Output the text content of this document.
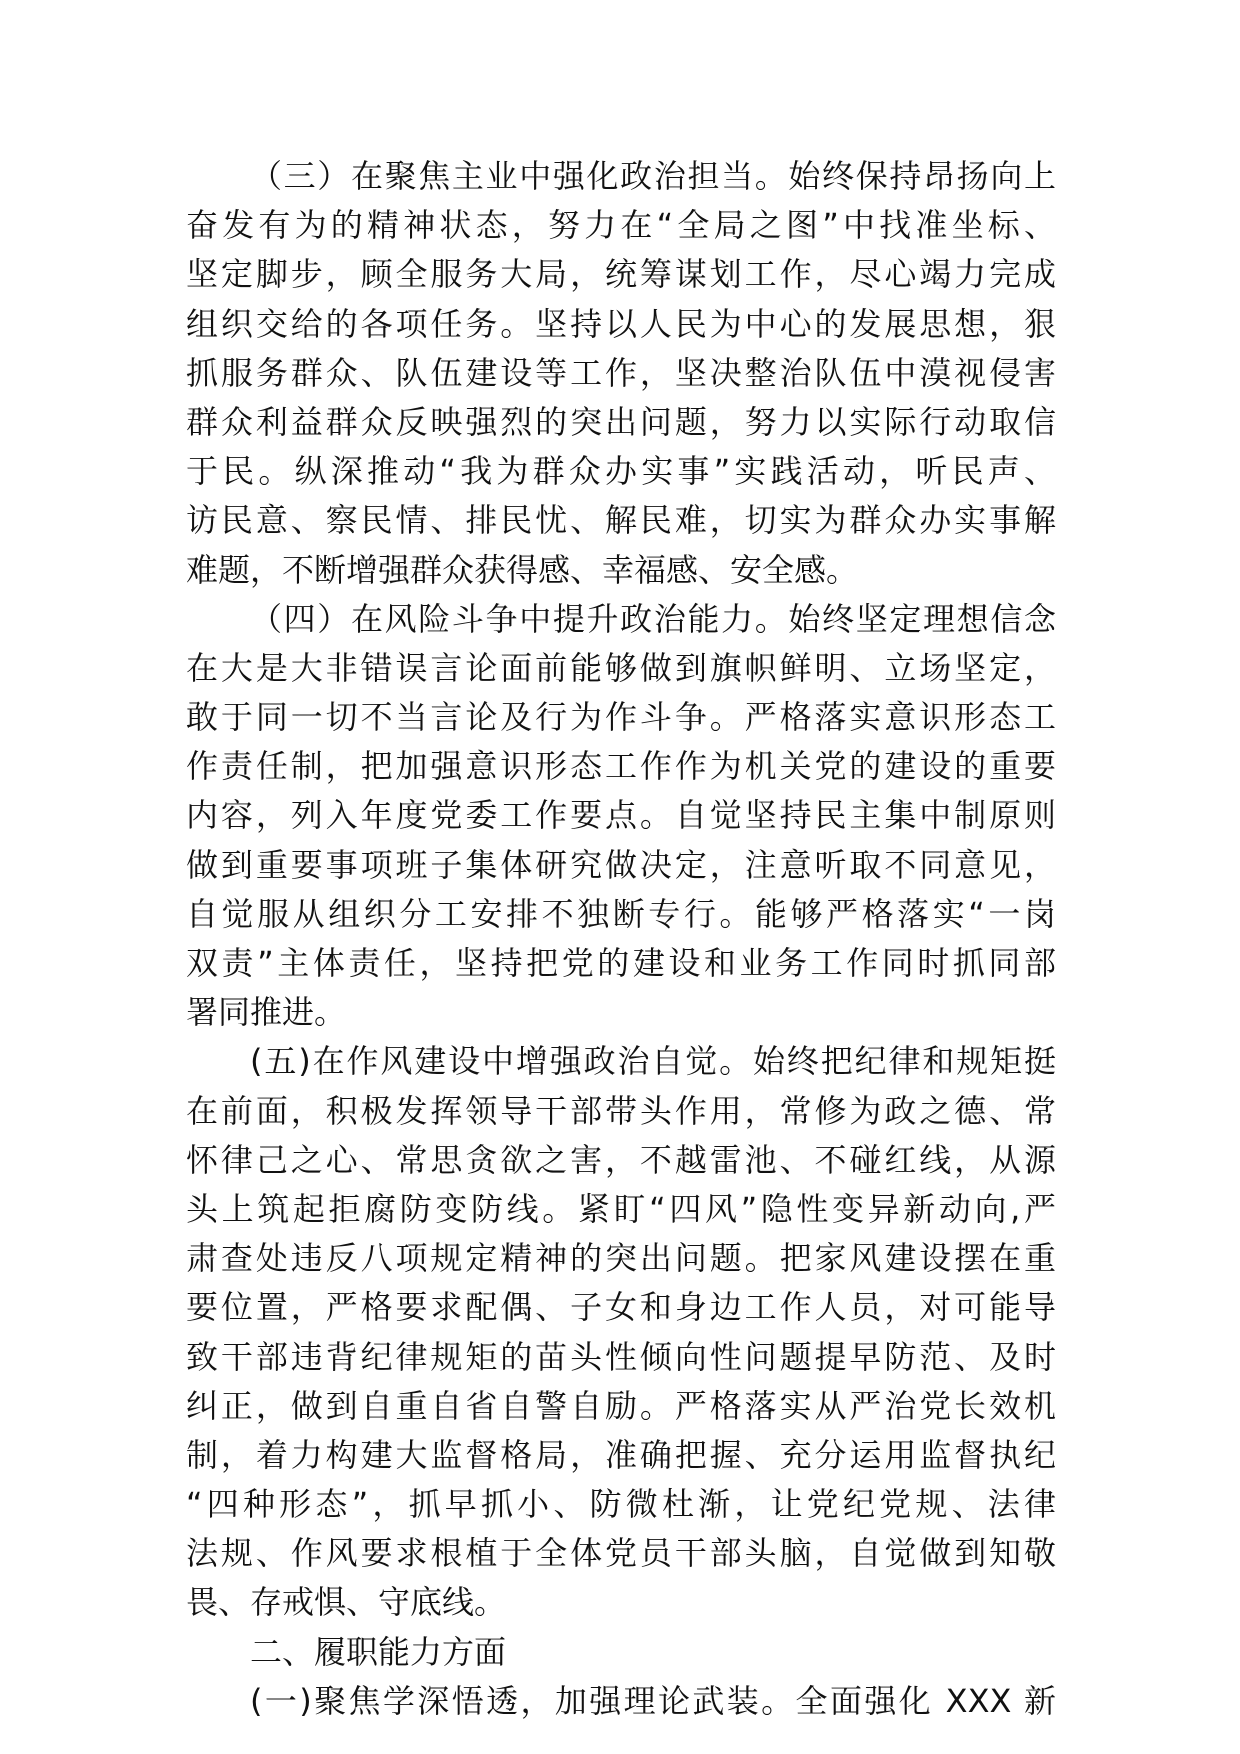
（三）在聚焦主业中强化政治担当。始终保持昂扬向上
奋发有为的精神状态，努力在“全局之图”中找准坐标、
坚定脚步，顾全服务大局，统筹谋划工作，尽心竭力完成
组织交给的各项任务。坚持以人民为中心的发展思想，狠
抓服务群众、队伍建设等工作，坚决整治队伍中漠视侵害
群众利益群众反映强烈的突出问题，努力以实际行动取信
于民。纵深推动“我为群众办实事”实践活动，听民声、
访民意、察民情、排民忧、解民难，切实为群众办实事解
难题，不断增强群众获得感、幸福感、安全感。
（四）在风险斗争中提升政治能力。始终坚定理想信念
在大是大非错误言论面前能够做到旗帜鲜明、立场坚定，
敢于同一切不当言论及行为作斗争。严格落实意识形态工
作责任制，把加强意识形态工作作为机关党的建设的重要
内容，列入年度党委工作要点。自觉坚持民主集中制原则
做到重要事项班子集体研究做决定，注意听取不同意见，
自觉服从组织分工安排不独断专行。能够严格落实“一岗
双责”主体责任，坚持把党的建设和业务工作同时抓同部
署同推进。
(五)在作风建设中增强政治自觉。始终把纪律和规矩挺
在前面，积极发挥领导干部带头作用，常修为政之德、常
怀律己之心、常思贪欲之害，不越雷池、不碰红线，从源
头上筑起拒腐防变防线。紧盯“四风”隐性变异新动向,严
肃查处违反八项规定精神的突出问题。把家风建设摆在重
要位置，严格要求配偶、子女和身边工作人员，对可能导
致干部违背纪律规矩的苗头性倾向性问题提早防范、及时
纠正，做到自重自省自警自励。严格落实从严治党长效机
制，着力构建大监督格局，准确把握、充分运用监督执纪
“四种形态”，抓早抓小、防微杜渐，让党纪党规、法律
法规、作风要求根植于全体党员干部头脑，自觉做到知敬
畏、存戒惧、守底线。
二、履职能力方面
(一)聚焦学深悟透，加强理论武装。全面强化 XXX 新
